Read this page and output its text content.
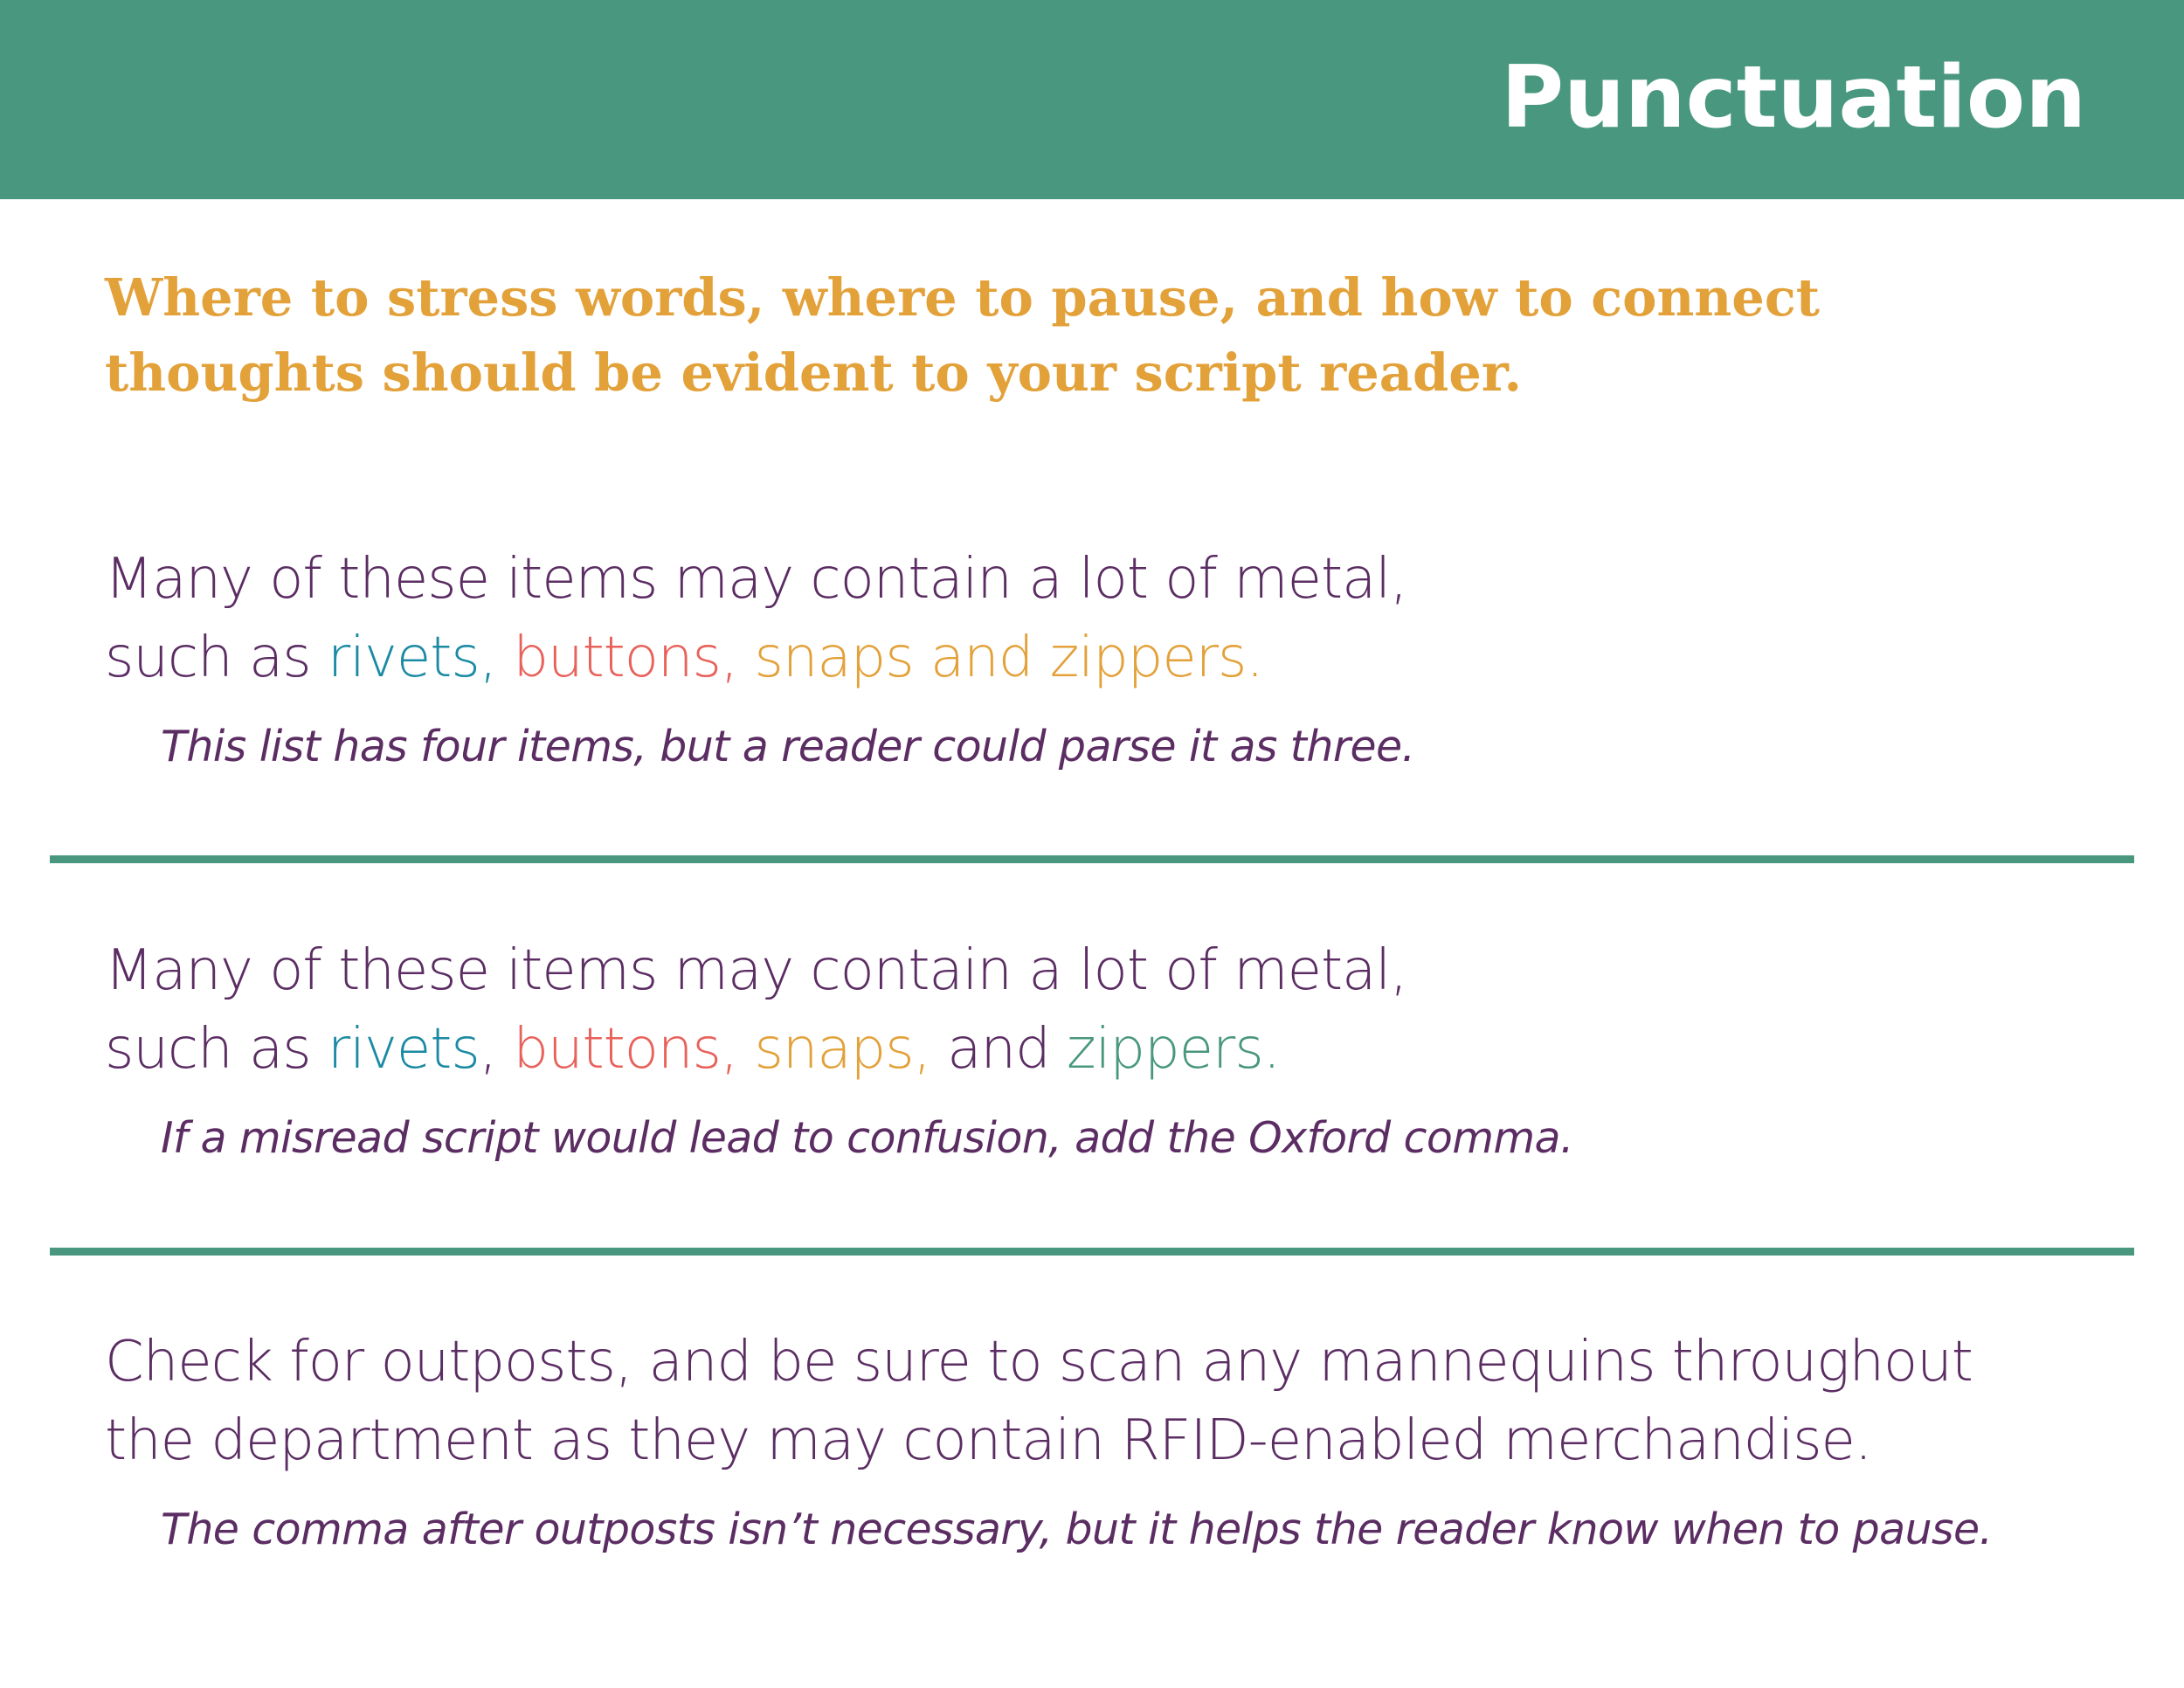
Punctuation
Where to stress words, where to pause, and how to connect
thoughts should be evident to your script reader.
Many of these items may contain a lot of metal,
such as rivets, buttons, snaps and zippers.
This list has four items, but a reader could parse it as three.
Many of these items may contain a lot of metal,
such as rivets, buttons, snaps, and zippers.
If a misread script would lead to confusion, add the Oxford comma.
Check for outposts, and be sure to scan any mannequins throughout
the department as they may contain RFID-enabled merchandise.
The comma after outposts isn’t necessary, but it helps the reader know when to pause.
